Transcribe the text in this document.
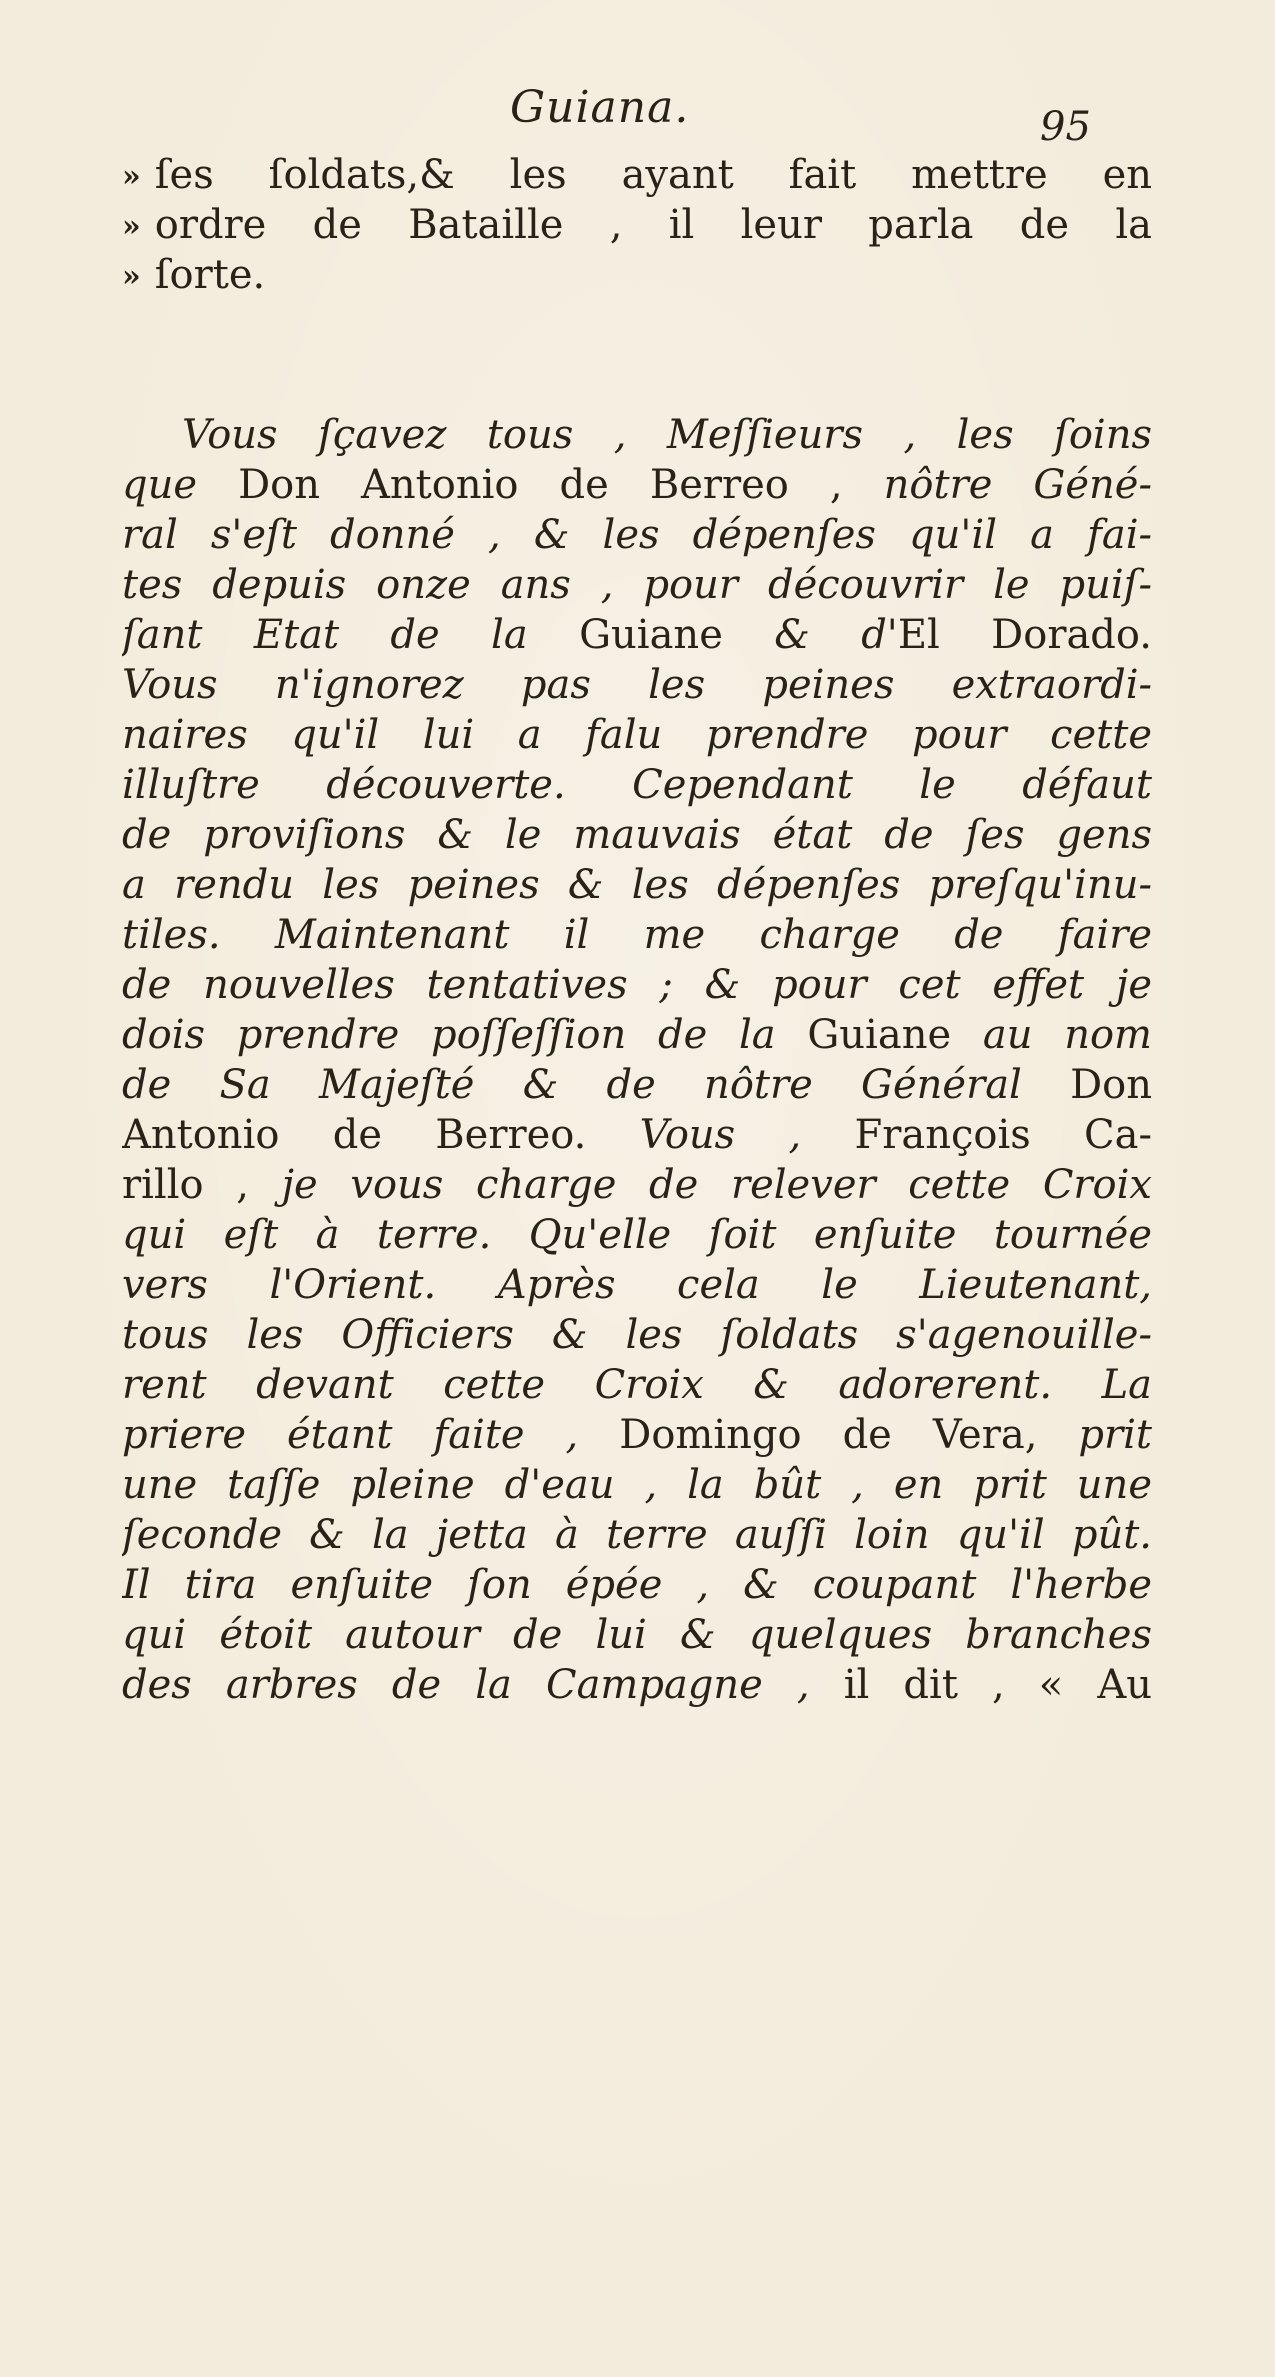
Guiana.	95
» ſes ſoldats,& les ayant fait mettre en
» ordre de Bataille , il leur parla de la
» ſorte.
Vous ſçavez tous , Meſſieurs , les ſoins
que Don Antonio de Berreo , nôtre Géné-
ral s'eſt donné , & les dépenſes qu'il a fai-
tes depuis onze ans , pour découvrir le puiſ-
ſant Etat de la Guiane & d'El Dorado.
Vous n'ignorez pas les peines extraordi-
naires qu'il lui a falu prendre pour cette
illuſtre découverte. Cependant le défaut
de proviſions & le mauvais état de ſes gens
a rendu les peines & les dépenſes preſqu'inu-
tiles. Maintenant il me charge de faire
de nouvelles tentatives ; & pour cet effet je
dois prendre poſſeſſion de la Guiane au nom
de Sa Majeſté & de nôtre Général Don
Antonio de Berreo. Vous , François Ca-
rillo , je vous charge de relever cette Croix
qui eſt à terre. Qu'elle ſoit enſuite tournée
vers l'Orient. Après cela le Lieutenant,
tous les Officiers & les ſoldats s'agenouille-
rent devant cette Croix & adorerent. La
priere étant faite , Domingo de Vera, prit
une taſſe pleine d'eau , la bût , en prit une
ſeconde & la jetta à terre auſſi loin qu'il pût.
Il tira enſuite ſon épée , & coupant l'herbe
qui étoit autour de lui & quelques branches
des arbres de la Campagne , il dit , « Au
